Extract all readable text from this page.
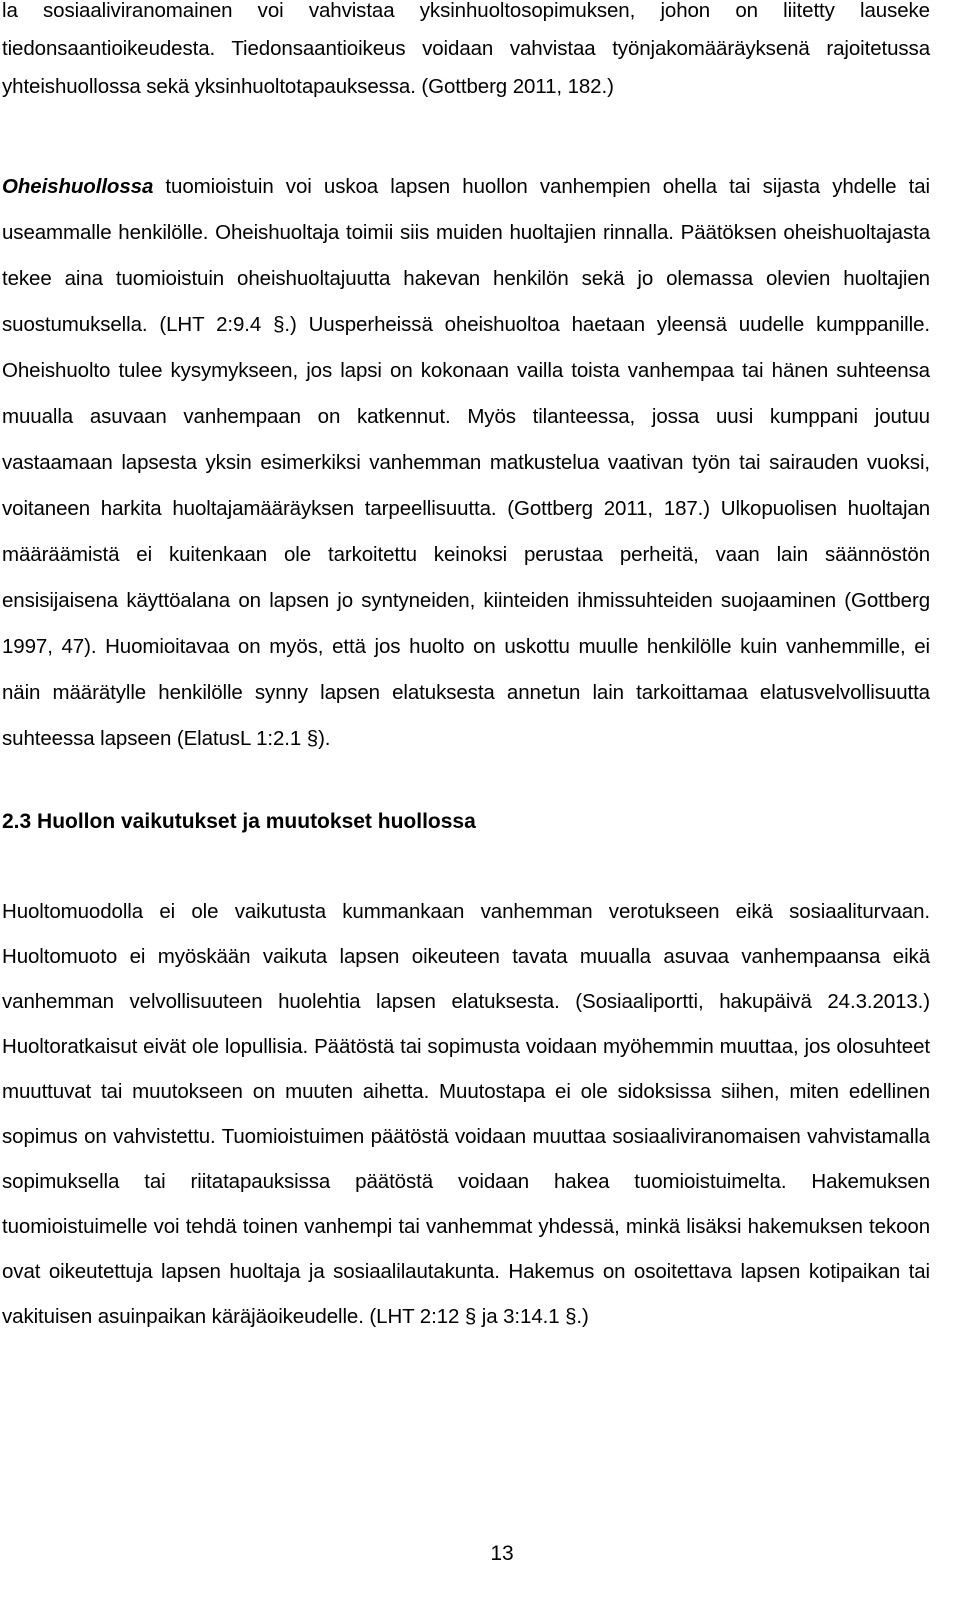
la sosiaaliviranomainen voi vahvistaa yksinhuoltosopimuksen, johon on liitetty lauseke tiedonsaantioikeudesta. Tiedonsaantioikeus voidaan vahvistaa työnjakomääräyksenä rajoitetussa yhteishuollossa sekä yksinhuoltotapauksessa. (Gottberg 2011, 182.)

Oheishuollossa tuomioistuin voi uskoa lapsen huollon vanhempien ohella tai sijasta yhdelle tai useammalle henkilölle. Oheishuoltaja toimii siis muiden huoltajien rinnalla. Päätöksen oheishuoltajasta tekee aina tuomioistuin oheishuoltajuutta hakevan henkilön sekä jo olemassa olevien huoltajien suostumuksella. (LHT 2:9.4 §.) Uusperheissä oheishuoltoa haetaan yleensä uudelle kumppanille. Oheishuolto tulee kysymykseen, jos lapsi on kokonaan vailla toista vanhempaa tai hänen suhteensa muualla asuvaan vanhempaan on katkennut. Myös tilanteessa, jossa uusi kumppani joutuu vastaamaan lapsesta yksin esimerkiksi vanhemman matkustelua vaativan työn tai sairauden vuoksi, voitaneen harkita huoltajamääräyksen tarpeellisuutta. (Gottberg 2011, 187.) Ulkopuolisen huoltajan määräämistä ei kuitenkaan ole tarkoitettu keinoksi perustaa perheitä, vaan lain säännöstön ensisijaisena käyttöalana on lapsen jo syntyneiden, kiinteiden ihmissuhteiden suojaaminen (Gottberg 1997, 47). Huomioitavaa on myös, että jos huolto on uskottu muulle henkilölle kuin vanhemmille, ei näin määrätylle henkilölle synny lapsen elatuksesta annetun lain tarkoittamaa elatusvelvollisuutta suhteessa lapseen (ElatusL 1:2.1 §).

2.3 Huollon vaikutukset ja muutokset huollossa

Huoltomuodolla ei ole vaikutusta kummankaan vanhemman verotukseen eikä sosiaaliturvaan. Huoltomuoto ei myöskään vaikuta lapsen oikeuteen tavata muualla asuvaa vanhempaansa eikä vanhemman velvollisuuteen huolehtia lapsen elatuksesta. (Sosiaaliportti, hakupäivä 24.3.2013.) Huoltoratkaisut eivät ole lopullisia. Päätöstä tai sopimusta voidaan myöhemmin muuttaa, jos olosuhteet muuttuvat tai muutokseen on muuten aihetta. Muutostapa ei ole sidoksissa siihen, miten edellinen sopimus on vahvistettu. Tuomioistuimen päätöstä voidaan muuttaa sosiaaliviranomaisen vahvistamalla sopimuksella tai riitatapauksissa päätöstä voidaan hakea tuomioistuimelta. Hakemuksen tuomioistuimelle voi tehdä toinen vanhempi tai vanhemmat yhdessä, minkä lisäksi hakemuksen tekoon ovat oikeutettuja lapsen huoltaja ja sosiaalilautakunta. Hakemus on osoitettava lapsen kotipaikan tai vakituisen asuinpaikan käräjäoikeudelle. (LHT 2:12 § ja 3:14.1 §.)

13
